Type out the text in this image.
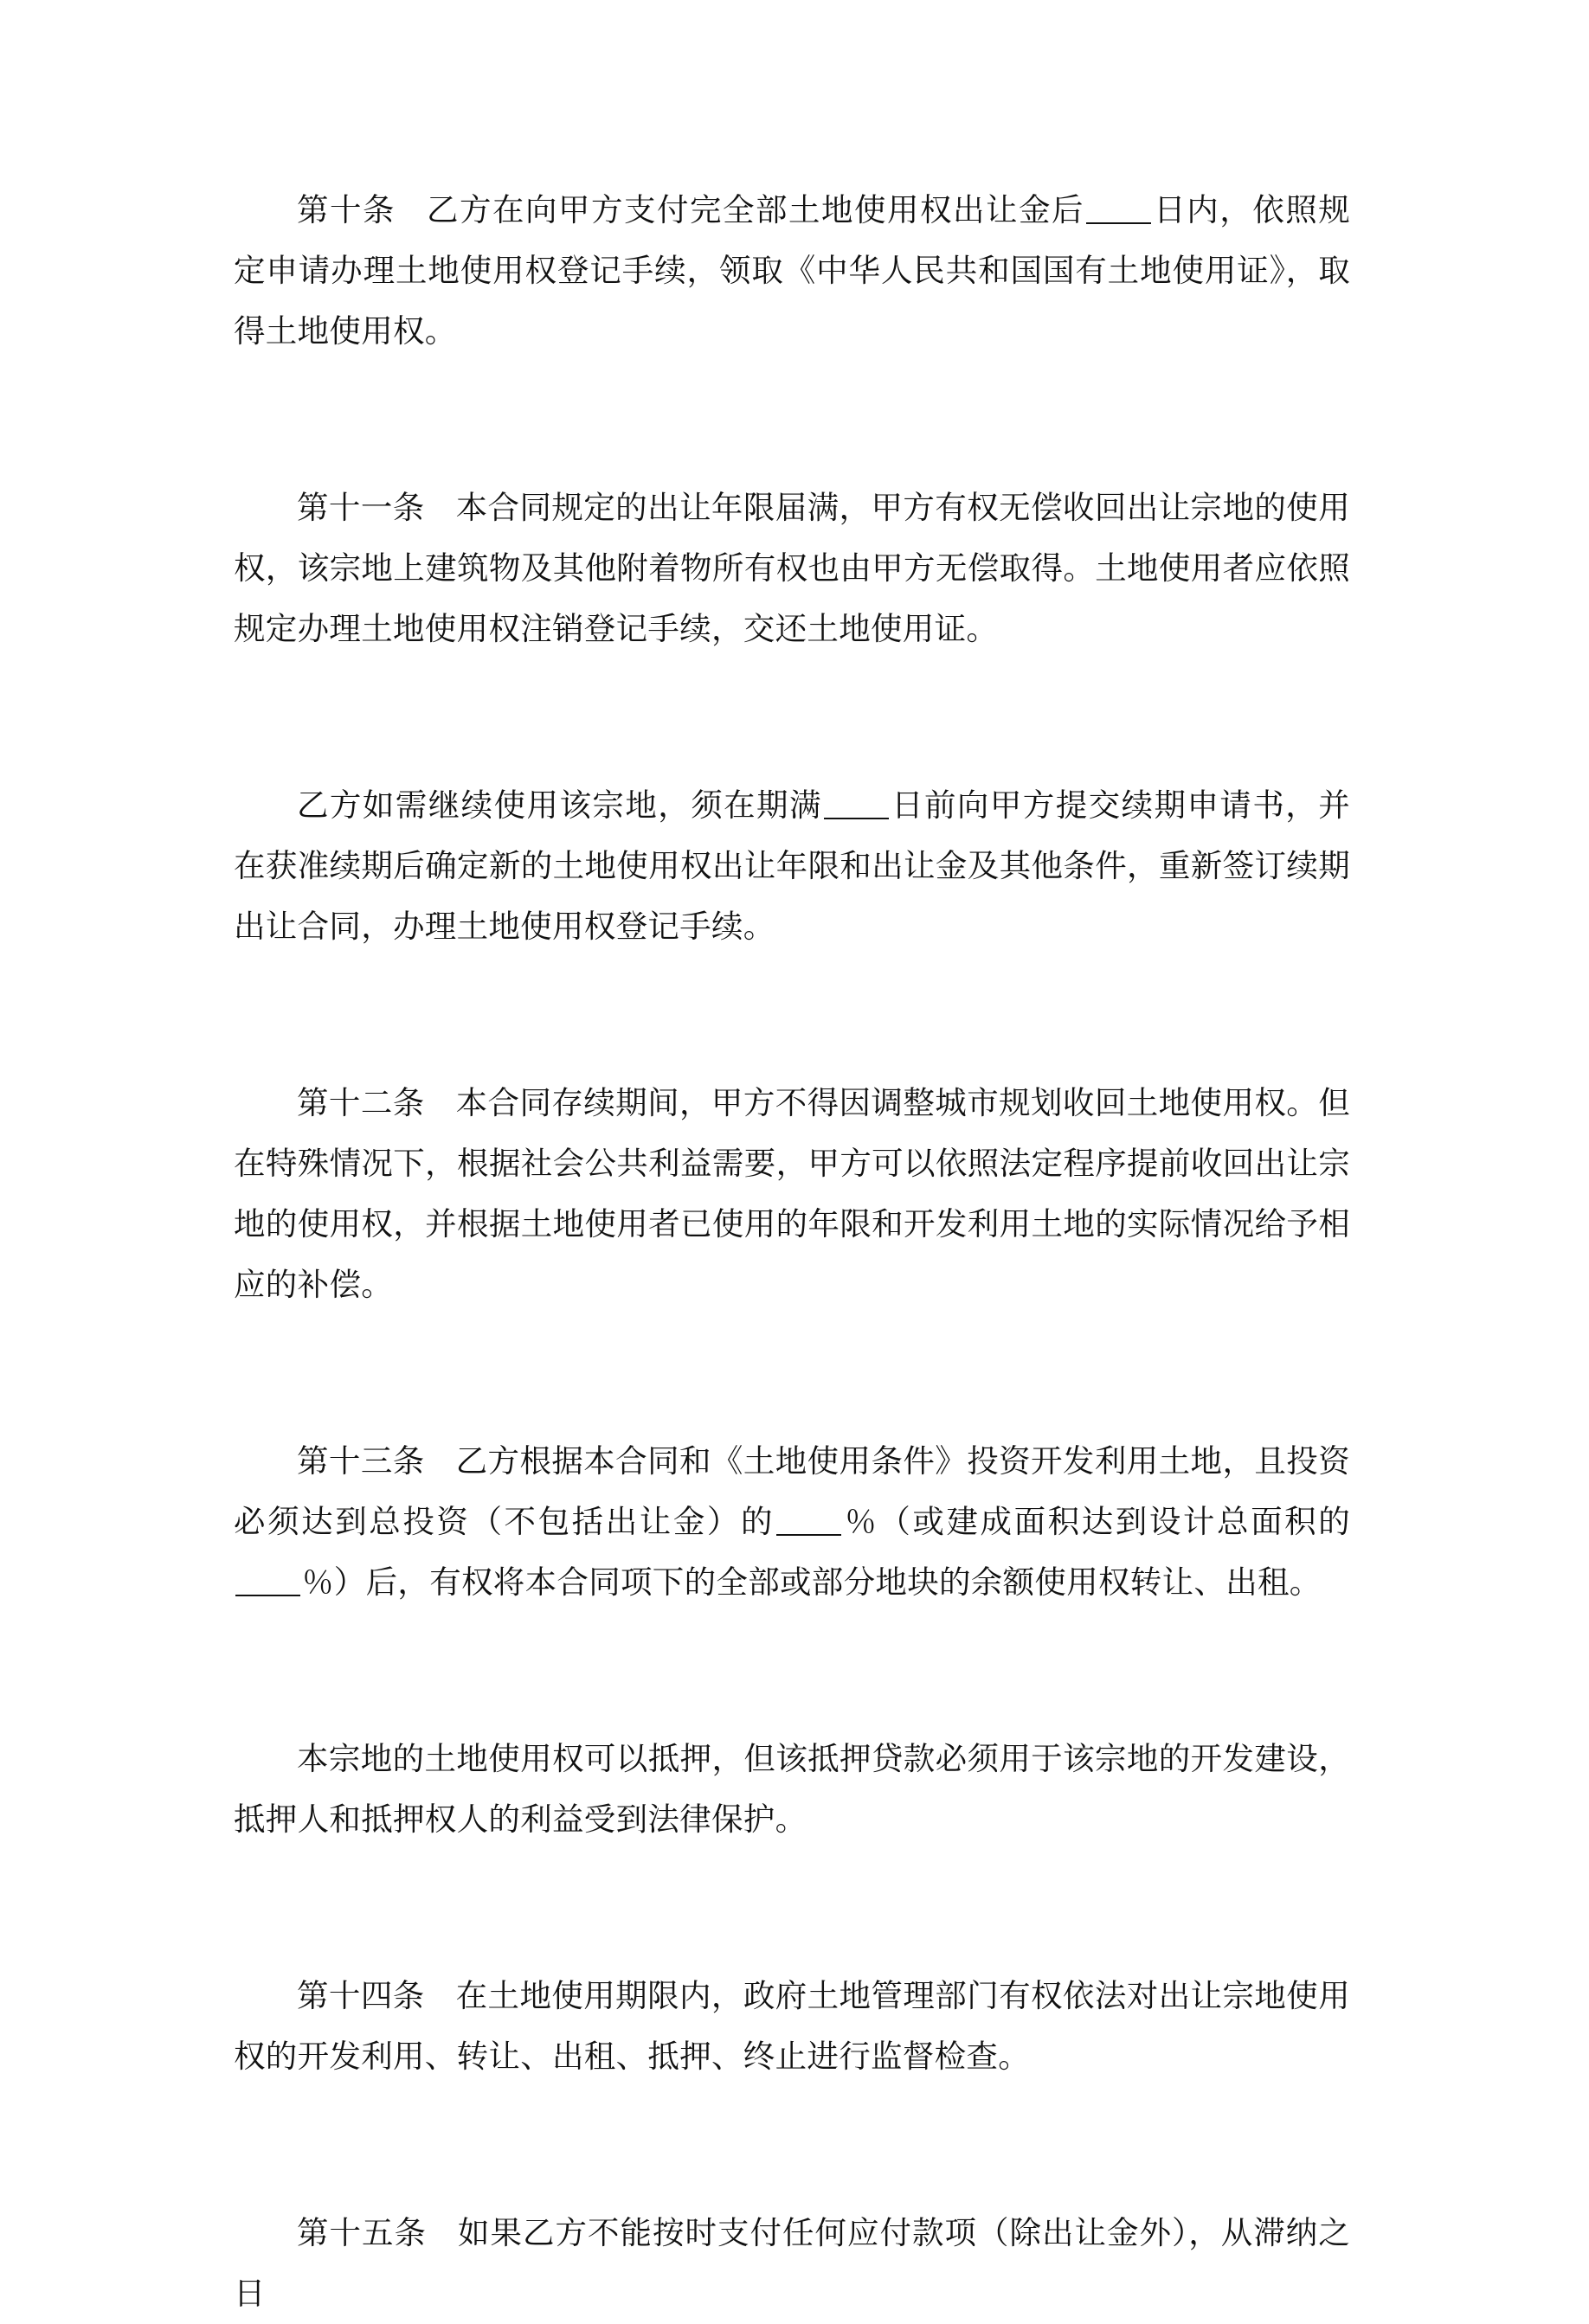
第十条 乙方在向甲方支付完全部土地使用权出让金后 日内，依照规定申请办理土地使用权登记手续，领取《中华人民共和国国有土地使用证》，取得土地使用权。

第十一条 本合同规定的出让年限届满，甲方有权无偿收回出让宗地的使用权，该宗地上建筑物及其他附着物所有权也由甲方无偿取得。土地使用者应依照规定办理土地使用权注销登记手续，交还土地使用证。

乙方如需继续使用该宗地，须在期满 日前向甲方提交续期申请书，并在获准续期后确定新的土地使用权出让年限和出让金及其他条件，重新签订续期出让合同，办理土地使用权登记手续。

第十二条 本合同存续期间，甲方不得因调整城市规划收回土地使用权。但在特殊情况下，根据社会公共利益需要，甲方可以依照法定程序提前收回出让宗地的使用权，并根据土地使用者已使用的年限和开发利用土地的实际情况给予相应的补偿。

第十三条 乙方根据本合同和《土地使用条件》投资开发利用土地，且投资必须达到总投资（不包括出让金）的 ％（或建成面积达到设计总面积的％）后，有权将本合同项下的全部或部分地块的余额使用权转让、出租。

本宗地的土地使用权可以抵押，但该抵押贷款必须用于该宗地的开发建设，抵押人和抵押权人的利益受到法律保护。

第十四条 在土地使用期限内，政府土地管理部门有权依法对出让宗地使用权的开发利用、转让、出租、抵押、终止进行监督检查。

第十五条 如果乙方不能按时支付任何应付款项（除出让金外），从滞纳之日
